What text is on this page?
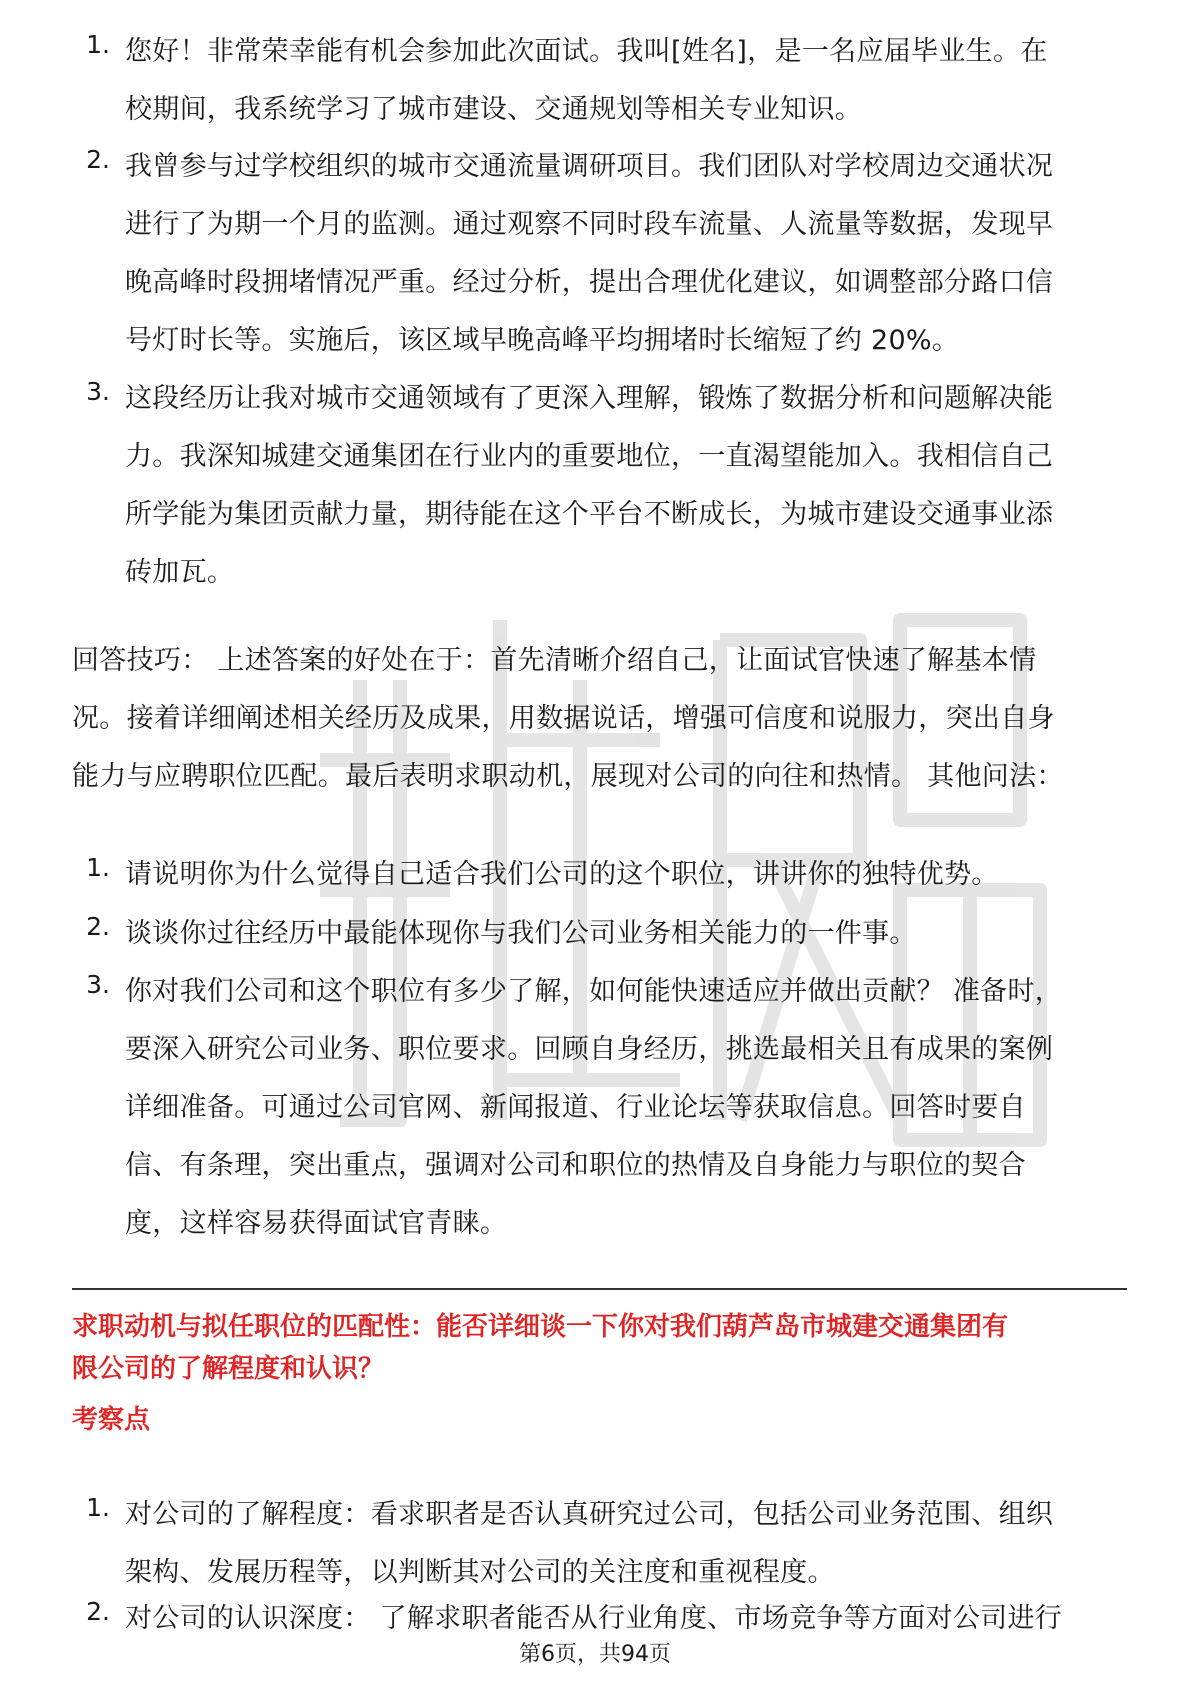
1. 您好！非常荣幸能有机会参加此次面试。我叫[姓名]，是一名应届毕业生。在
校期间，我系统学习了城市建设、交通规划等相关专业知识。
2. 我曾参与过学校组织的城市交通流量调研项目。我们团队对学校周边交通状况
进行了为期一个月的监测。通过观察不同时段车流量、人流量等数据，发现早
晚高峰时段拥堵情况严重。经过分析，提出合理优化建议，如调整部分路口信
号灯时长等。实施后，该区域早晚高峰平均拥堵时长缩短了约 20%。
3. 这段经历让我对城市交通领域有了更深入理解，锻炼了数据分析和问题解决能
力。我深知城建交通集团在行业内的重要地位，一直渴望能加入。我相信自己
所学能为集团贡献力量，期待能在这个平台不断成长，为城市建设交通事业添
砖加瓦。
回答技巧： 上述答案的好处在于：首先清晰介绍自己，让面试官快速了解基本情
况。接着详细阐述相关经历及成果，用数据说话，增强可信度和说服力，突出自身
能力与应聘职位匹配。最后表明求职动机，展现对公司的向往和热情。 其他问法：
1. 请说明你为什么觉得自己适合我们公司的这个职位，讲讲你的独特优势。
2. 谈谈你过往经历中最能体现你与我们公司业务相关能力的一件事。
3. 你对我们公司和这个职位有多少了解，如何能快速适应并做出贡献？ 准备时，
要深入研究公司业务、职位要求。回顾自身经历，挑选最相关且有成果的案例
详细准备。可通过公司官网、新闻报道、行业论坛等获取信息。回答时要自
信、有条理，突出重点，强调对公司和职位的热情及自身能力与职位的契合
度，这样容易获得面试官青睐。
求职动机与拟任职位的匹配性：能否详细谈一下你对我们葫芦岛市城建交通集团有
限公司的了解程度和认识？
考察点
1. 对公司的了解程度：看求职者是否认真研究过公司，包括公司业务范围、组织
架构、发展历程等，以判断其对公司的关注度和重视程度。
2. 对公司的认识深度： 了解求职者能否从行业角度、市场竞争等方面对公司进行
第6页，共94页
